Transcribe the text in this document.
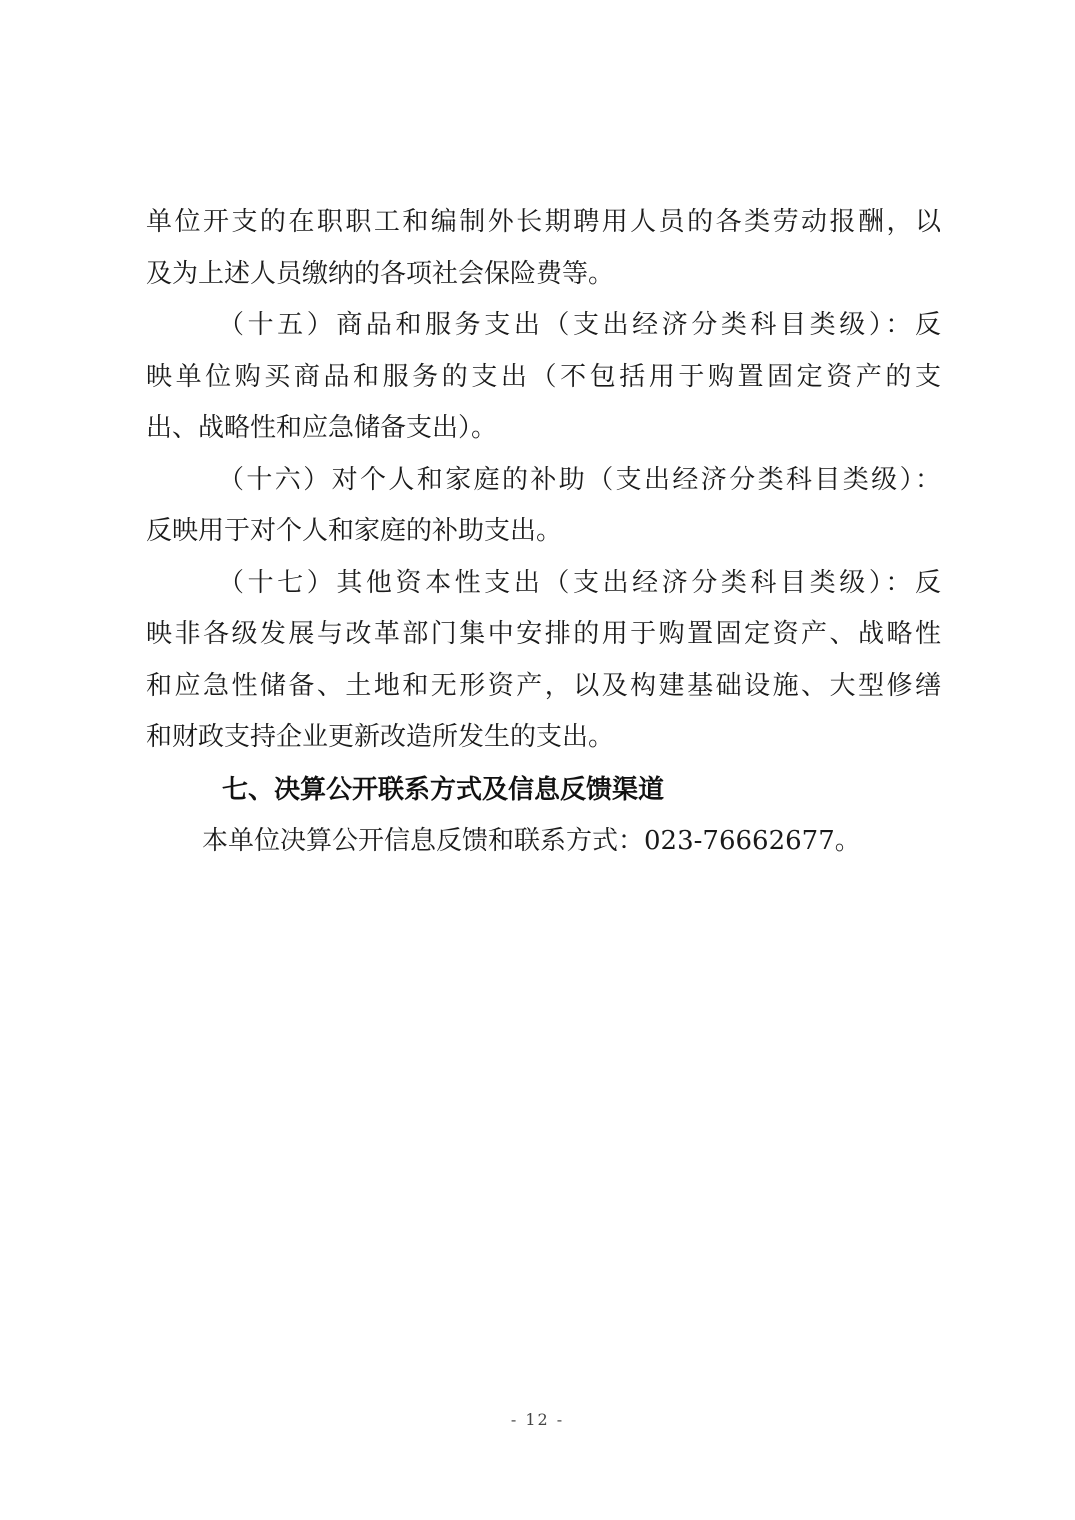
单位开支的在职职工和编制外长期聘用人员的各类劳动报酬，以
及为上述人员缴纳的各项社会保险费等。
（十五）商品和服务支出（支出经济分类科目类级）：反
映单位购买商品和服务的支出（不包括用于购置固定资产的支
出、战略性和应急储备支出）。
（十六）对个人和家庭的补助（支出经济分类科目类级）：
反映用于对个人和家庭的补助支出。
（十七）其他资本性支出（支出经济分类科目类级）：反
映非各级发展与改革部门集中安排的用于购置固定资产、战略性
和应急性储备、土地和无形资产，以及构建基础设施、大型修缮
和财政支持企业更新改造所发生的支出。
七、决算公开联系方式及信息反馈渠道
本单位决算公开信息反馈和联系方式：023-76662677。
- 12 -
